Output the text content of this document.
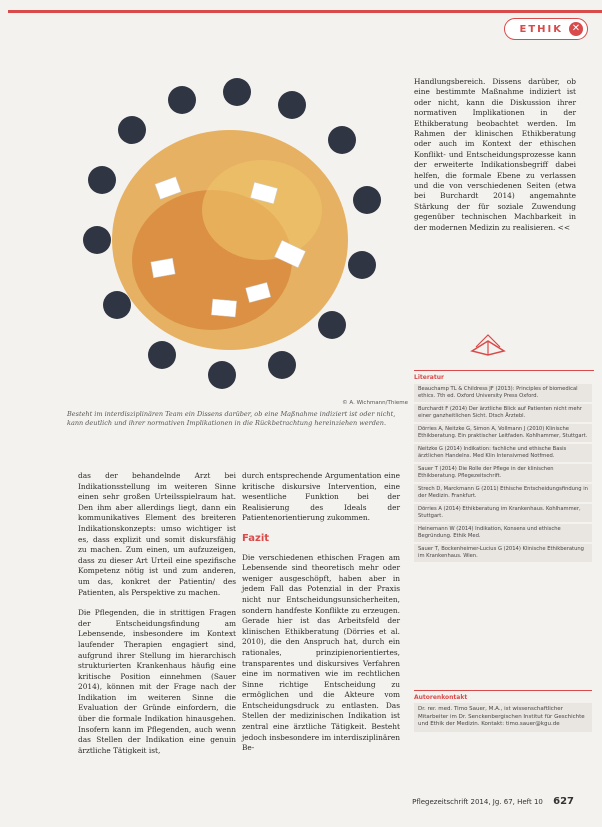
ETHIK ✕
© A. Wichmann/Thieme
Besteht im interdisziplinären Team ein Dissens darüber, ob eine Maßnahme indiziert ist oder nicht, kann deutlich und ihrer normativen Implikationen in die Rückbetrachtung hereinziehen werden.
Handlungsbereich. Dissens darüber, ob eine bestimmte Maßnahme indiziert ist oder nicht, kann die Diskussion ihrer normativen Implikationen in der Ethikberatung beobachtet werden. Im Rahmen der klinischen Ethikberatung oder auch im Kontext der ethischen Konflikt- und Entscheidungsprozesse kann der erweiterte Indikationsbegriff dabei helfen, die formale Ebene zu verlassen und die von verschiedenen Seiten (etwa bei Burchardt 2014) angemahnte Stärkung der für soziale Zuwendung gegenüber technischen Machbarkeit in der modernen Medizin zu realisieren. <<

das der behandelnde Arzt bei Indikationsstellung im weiteren Sinne einen sehr großen Urteilsspielraum hat. Den ihm aber allerdings liegt, dann ein kommunikatives Element des breiteren Indikationskonzepts: umso wichtiger ist es, dass explizit und somit diskursfähig zu machen. Zum einen, um aufzuzeigen, dass zu dieser Art Urteil eine spezifische Kompetenz nötig ist und zum anderen, um das, konkret der Patientin/ des Patienten, als Perspektive zu machen.

Die Pflegenden, die in strittigen Fragen der Entscheidungsfindung am Lebensende, insbesondere im Kontext laufender Therapien engagiert sind, aufgrund ihrer Stellung im hierarchisch strukturierten Krankenhaus häufig eine kritische Position einnehmen (Sauer 2014), können mit der Frage nach der Indikation im weiteren Sinne die Evaluation der Gründe einfordern, die über die formale Indikation hinausgehen. Insofern kann im Pflegenden, auch wenn das Stellen der Indikation eine genuin ärztliche Tätigkeit ist,

durch entsprechende Argumentation eine kritische diskursive Intervention, eine wesentliche Funktion bei der Realisierung des Ideals der Patientenorientierung zukommen.

Fazit

Die verschiedenen ethischen Fragen am Lebensende sind theoretisch mehr oder weniger ausgeschöpft, haben aber in jedem Fall das Potenzial in der Praxis nicht nur Entscheidungsunsicherheiten, sondern handfeste Konflikte zu erzeugen. Gerade hier ist das Arbeitsfeld der klinischen Ethikberatung (Dörries et al. 2010), die den Anspruch hat, durch ein rationales, prinzipienorientiertes, transparentes und diskursives Verfahren eine im normativen wie im rechtlichen Sinne richtige Entscheidung zu ermöglichen und die Akteure vom Entscheidungsdruck zu entlasten. Das Stellen der medizinischen Indikation ist zentral eine ärztliche Tätigkeit. Besteht jedoch insbesondere im interdisziplinären Be-

Literatur
Beauchamp TL & Childress JF (2013): Principles of biomedical ethics. 7th ed. Oxford University Press Oxford.
Burchardt F (2014) Der ärztliche Blick auf Patienten nicht mehr einer ganzheitlichen Sicht. Dtsch Ärztebl.
Dörries A, Neitzke G, Simon A, Vollmann J (2010) Klinische Ethikberatung. Ein praktischer Leitfaden. Kohlhammer, Stuttgart.
Neitzke G (2014) Indikation: fachliche und ethische Basis ärztlichen Handelns. Med Klin Intensivmed Notfmed.
Sauer T (2014) Die Rolle der Pflege in der klinischen Ethikberatung. Pflegezeitschrift.
Strech D, Marckmann G (2011) Ethische Entscheidungsfindung in der Medizin. Frankfurt.
Dörries A (2014) Ethikberatung im Krankenhaus. Kohlhammer, Stuttgart.
Heinemann W (2014) Indikation, Konsens und ethische Begründung. Ethik Med.
Sauer T, Bockenheimer-Lucius G (2014) Klinische Ethikberatung im Krankenhaus. Wien.
Autorenkontakt
Dr. rer. med. Timo Sauer, M.A., ist wissenschaftlicher Mitarbeiter im Dr. Senckenbergischen Institut für Geschichte und Ethik der Medizin. Kontakt: timo.sauer@kgu.de
Pflegezeitschrift 2014, Jg. 67, Heft 10 627
